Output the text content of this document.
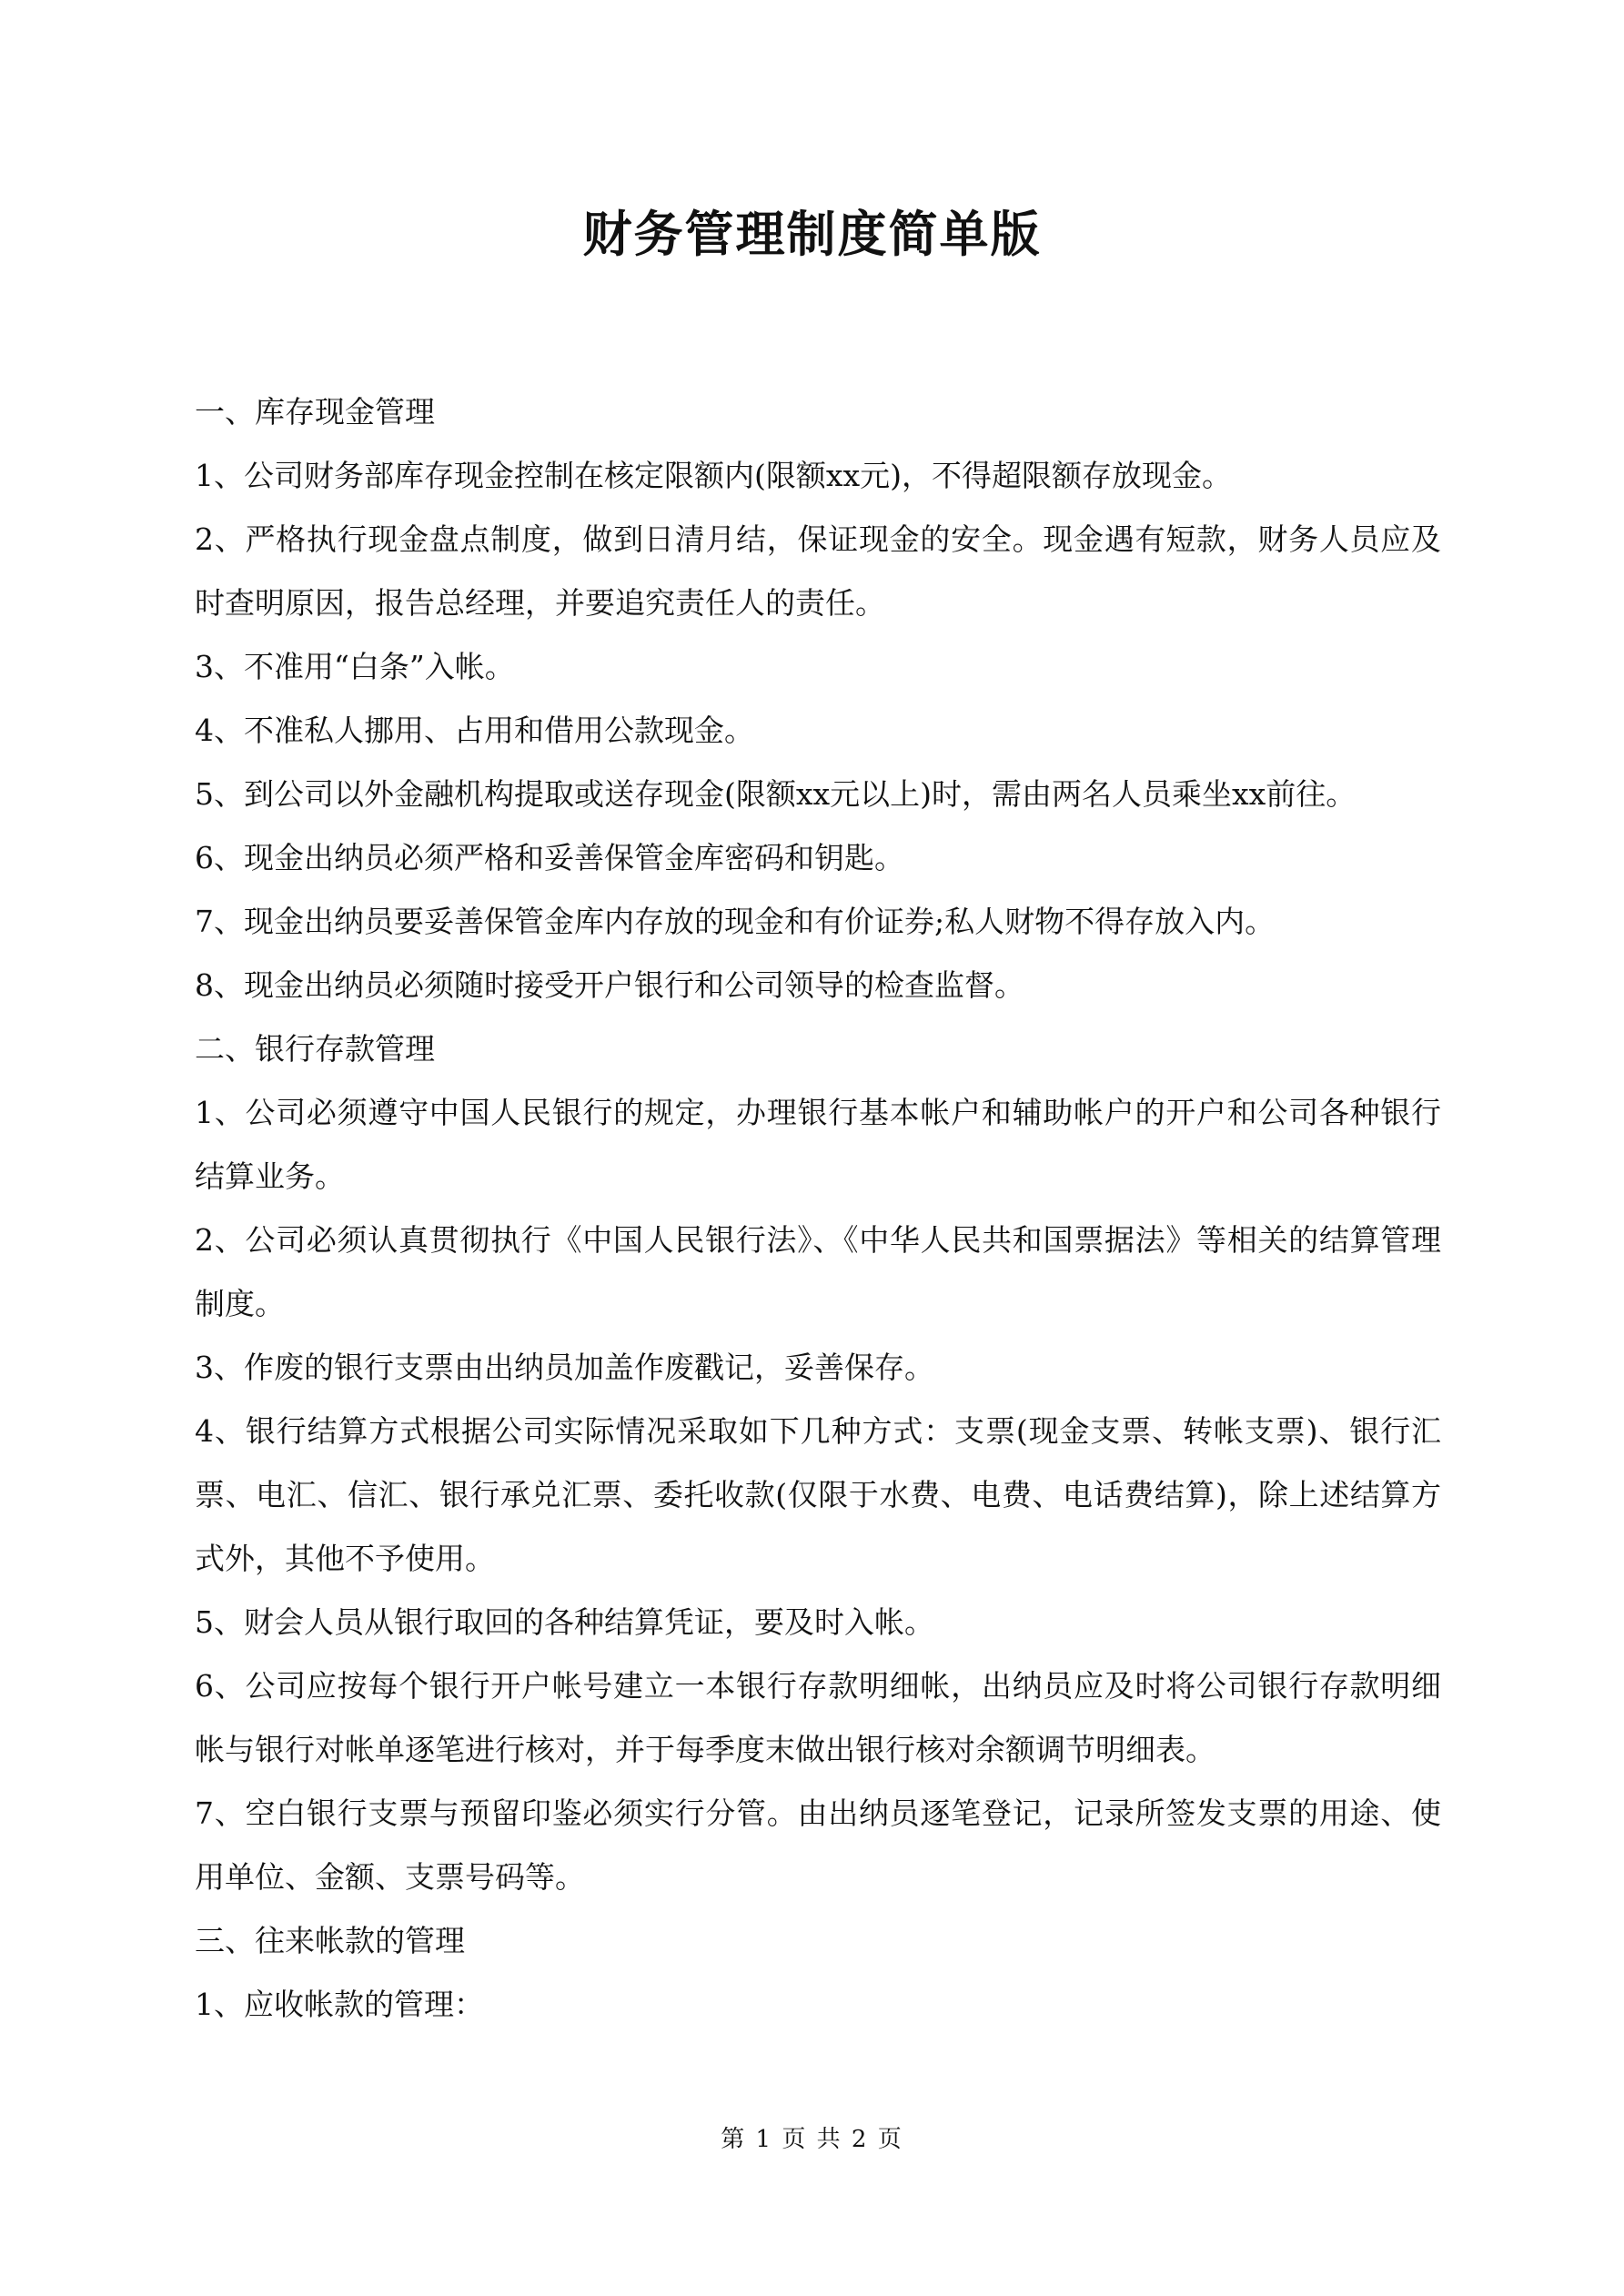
财务管理制度简单版

一、库存现金管理

1、公司财务部库存现金控制在核定限额内(限额xx元)，不得超限额存放现金。

2、严格执行现金盘点制度，做到日清月结，保证现金的安全。现金遇有短款，财务人员应及时查明原因，报告总经理，并要追究责任人的责任。

3、不准用“白条”入帐。

4、不准私人挪用、占用和借用公款现金。

5、到公司以外金融机构提取或送存现金(限额xx元以上)时，需由两名人员乘坐xx前往。

6、现金出纳员必须严格和妥善保管金库密码和钥匙。

7、现金出纳员要妥善保管金库内存放的现金和有价证券;私人财物不得存放入内。

8、现金出纳员必须随时接受开户银行和公司领导的检查监督。

二、银行存款管理

1、公司必须遵守中国人民银行的规定，办理银行基本帐户和辅助帐户的开户和公司各种银行结算业务。

2、公司必须认真贯彻执行《中国人民银行法》、《中华人民共和国票据法》等相关的结算管理制度。

3、作废的银行支票由出纳员加盖作废戳记，妥善保存。

4、银行结算方式根据公司实际情况采取如下几种方式：支票(现金支票、转帐支票)、银行汇票、电汇、信汇、银行承兑汇票、委托收款(仅限于水费、电费、电话费结算)，除上述结算方式外，其他不予使用。

5、财会人员从银行取回的各种结算凭证，要及时入帐。

6、公司应按每个银行开户帐号建立一本银行存款明细帐，出纳员应及时将公司银行存款明细帐与银行对帐单逐笔进行核对，并于每季度末做出银行核对余额调节明细表。

7、空白银行支票与预留印鉴必须实行分管。由出纳员逐笔登记，记录所签发支票的用途、使用单位、金额、支票号码等。

三、往来帐款的管理

1、应收帐款的管理：

第 1 页 共 2 页
